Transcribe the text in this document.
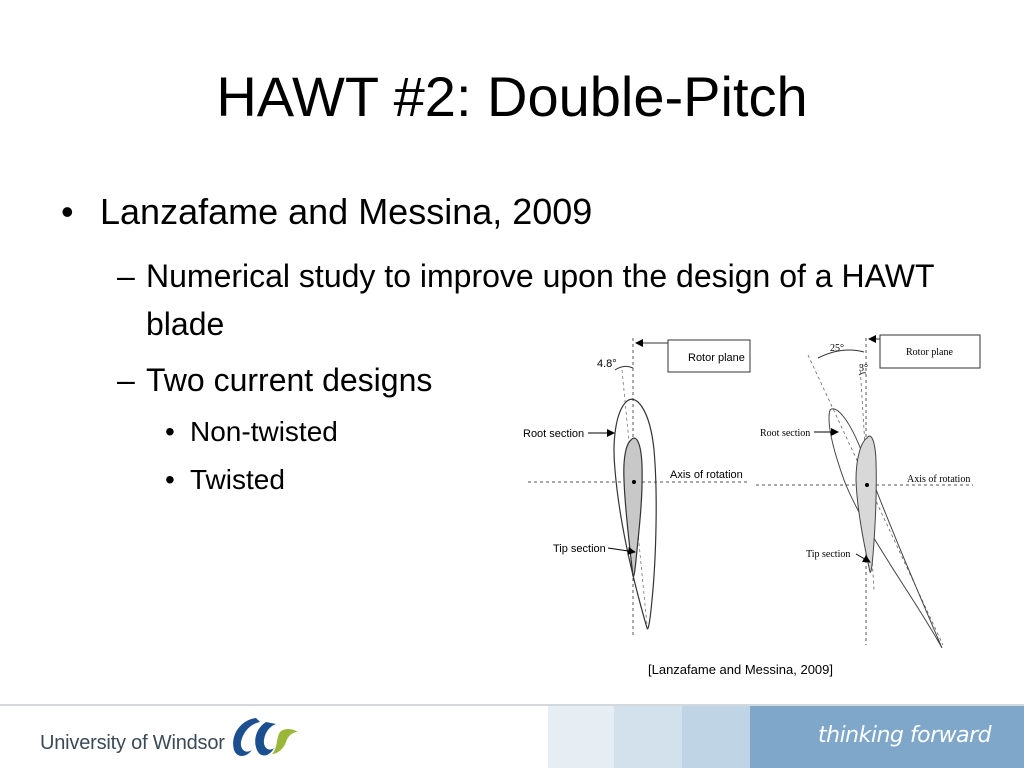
HAWT #2: Double-Pitch
• Lanzafame and Messina, 2009
– Numerical study to improve upon the design of a HAWT blade
– Two current designs
• Non-twisted
• Twisted
4.8°	Rotor plane
Root section
Axis of rotation
Tip section
25°
3°
Rotor plane
Root section
Axis of rotation
Tip section
[Lanzafame and Messina, 2009]
University of Windsor	thinking forward
